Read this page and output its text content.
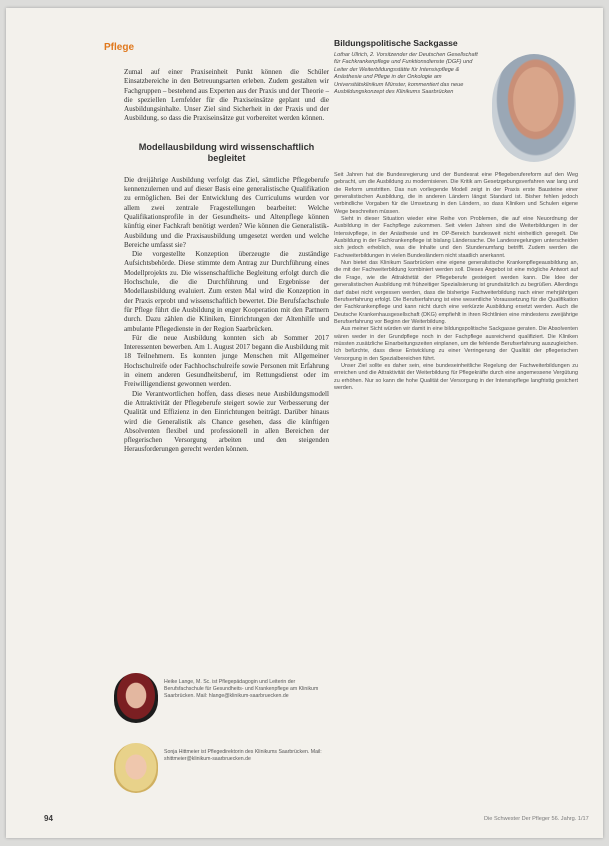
Pflege

Zumal auf einer Praxiseinheit Punkt können die Schüler Einsatzbereiche in den Betreuungsarten erleben. Zudem gestalten wir Fachgruppen – bestehend aus Experten aus der Praxis und der Theorie – die speziellen Lernfelder für die Praxiseinsätze geplant und die Ausbildungsinhalte. Unser Ziel sind Sicherheit in der Praxis und der Ausbildung, so dass die Praxiseinsätze gut vorbereitet werden können.

Modellausbildung wird wissenschaftlich begleitet

Die dreijährige Ausbildung verfolgt das Ziel, sämtliche Pflegeberufe kennenzulernen und auf dieser Basis eine generalistische Qualifikation zu ermöglichen. Bei der Entwicklung des Curriculums wurden vor allem zwei zentrale Fragestellungen bearbeitet: Welche Qualifikationsprofile in der Gesundheits- und Altenpflege können künftig einer Fachkraft benötigt werden? Wie können die Generalistik-Ausbildung und die Praxisausbildung umgesetzt werden und welche Bereiche umfasst sie?

Die vorgestellte Konzeption überzeugte die zuständige Aufsichtsbehörde. Diese stimmte dem Antrag zur Durchführung eines Modellprojekts zu. Die wissenschaftliche Begleitung erfolgt durch die Hochschule, die die Durchführung und Ergebnisse der Modellausbildung evaluiert. Zum ersten Mal wird die Konzeption in der Praxis erprobt und wissenschaftlich bewertet. Die Berufsfachschule für Pflege führt die Ausbildung in enger Kooperation mit den Partnern durch. Dazu zählen die Kliniken, Einrichtungen der Altenhilfe und ambulante Pflegedienste in der Region Saarbrücken.

Für die neue Ausbildung konnten sich ab Sommer 2017 Interessenten bewerben. Am 1. August 2017 begann die Ausbildung mit 18 Teilnehmern. Es konnten junge Menschen mit Allgemeiner Hochschulreife oder Fachhochschulreife sowie Personen mit Erfahrung in einem anderen Gesundheitsberuf, im Rettungsdienst oder im Freiwilligendienst gewonnen werden.

Die Verantwortlichen hoffen, dass dieses neue Ausbildungsmodell die Attraktivität der Pflegeberufe steigert sowie zur Verbesserung der Qualität und Effizienz in den Einrichtungen beiträgt. Darüber hinaus wird die Generalistik als Chance gesehen, dass die künftigen Absolventen flexibel und professionell in allen Bereichen der pflegerischen Versorgung arbeiten und den steigenden Herausforderungen gerecht werden können.

Heike Lange, M. Sc. ist Pflegepädagogin und Leiterin der Berufsfachschule für Gesundheits- und Krankenpflege am Klinikum Saarbrücken. Mail: hlange@klinikum-saarbruecken.de
Sonja Hittmeier ist Pflegedirektorin des Klinikums Saarbrücken. Mail: shittmeier@klinikum-saarbruecken.de
Bildungspolitische Sackgasse

Lothar Ullrich, 2. Vorsitzender der Deutschen Gesellschaft für Fachkrankenpflege und Funktionsdienste (DGF) und Leiter der Weiterbildungsstätte für Intensivpflege & Anästhesie und Pflege in der Onkologie am Universitätsklinikum Münster, kommentiert das neue Ausbildungskonzept des Klinikums Saarbrücken

Seit Jahren hat die Bundesregierung und der Bundesrat eine Pflegeberufereform auf den Weg gebracht, um die Ausbildung zu modernisieren. Die Kritik am Gesetzgebungsverfahren war lang und die Reform umstritten. Das nun vorliegende Modell zeigt in der Praxis erste Bausteine einer generalistischen Ausbildung, die in anderen Ländern längst Standard ist. Bisher fehlen jedoch verbindliche Vorgaben für die Umsetzung in den Ländern, so dass Kliniken und Schulen eigene Wege beschreiten müssen.

Sieht in dieser Situation wieder eine Reihe von Problemen, die auf eine Neuordnung der Ausbildung in der Fachpflege zukommen. Seit vielen Jahren sind die Weiterbildungen in der Intensivpflege, in der Anästhesie und im OP-Bereich bundesweit nicht einheitlich geregelt. Die Ausbildung in der Fachkrankenpflege ist bislang Ländersache. Die Landesregelungen unterscheiden sich jedoch erheblich, was die Inhalte und den Stundenumfang betrifft. Zudem werden die Fachweiterbildungen in vielen Bundesländern nicht staatlich anerkannt.

Nun bietet das Klinikum Saarbrücken eine eigene generalistische Krankenpflegeausbildung an, die mit der Fachweiterbildung kombiniert werden soll. Dieses Angebot ist eine mögliche Antwort auf die Frage, wie die Attraktivität der Pflegeberufe gesteigert werden kann. Die Idee der generalistischen Ausbildung mit frühzeitiger Spezialisierung ist grundsätzlich zu begrüßen. Allerdings darf dabei nicht vergessen werden, dass die bisherige Fachweiterbildung nach einer mehrjährigen Berufserfahrung erfolgt. Die Berufserfahrung ist eine wesentliche Voraussetzung für die Qualifikation der Fachkrankenpflege und kann nicht durch eine verkürzte Ausbildung ersetzt werden. Auch die Deutsche Krankenhausgesellschaft (DKG) empfiehlt in ihren Richtlinien eine mindestens zweijährige Berufserfahrung vor Beginn der Weiterbildung.

Aus meiner Sicht würden wir damit in eine bildungspolitische Sackgasse geraten. Die Absolventen wären weder in der Grundpflege noch in der Fachpflege ausreichend qualifiziert. Die Kliniken müssten zusätzliche Einarbeitungszeiten einplanen, um die fehlende Berufserfahrung auszugleichen. Ich befürchte, dass diese Entwicklung zu einer Verringerung der Qualität der pflegerischen Versorgung in den Spezialbereichen führt.

Unser Ziel sollte es daher sein, eine bundeseinheitliche Regelung der Fachweiterbildungen zu erreichen und die Attraktivität der Weiterbildung für Pflegekräfte durch eine angemessene Vergütung zu erhöhen. Nur so kann die hohe Qualität der Versorgung in der Intensivpflege langfristig gesichert werden.

94	Die Schwester Der Pfleger 56. Jahrg. 1/17
